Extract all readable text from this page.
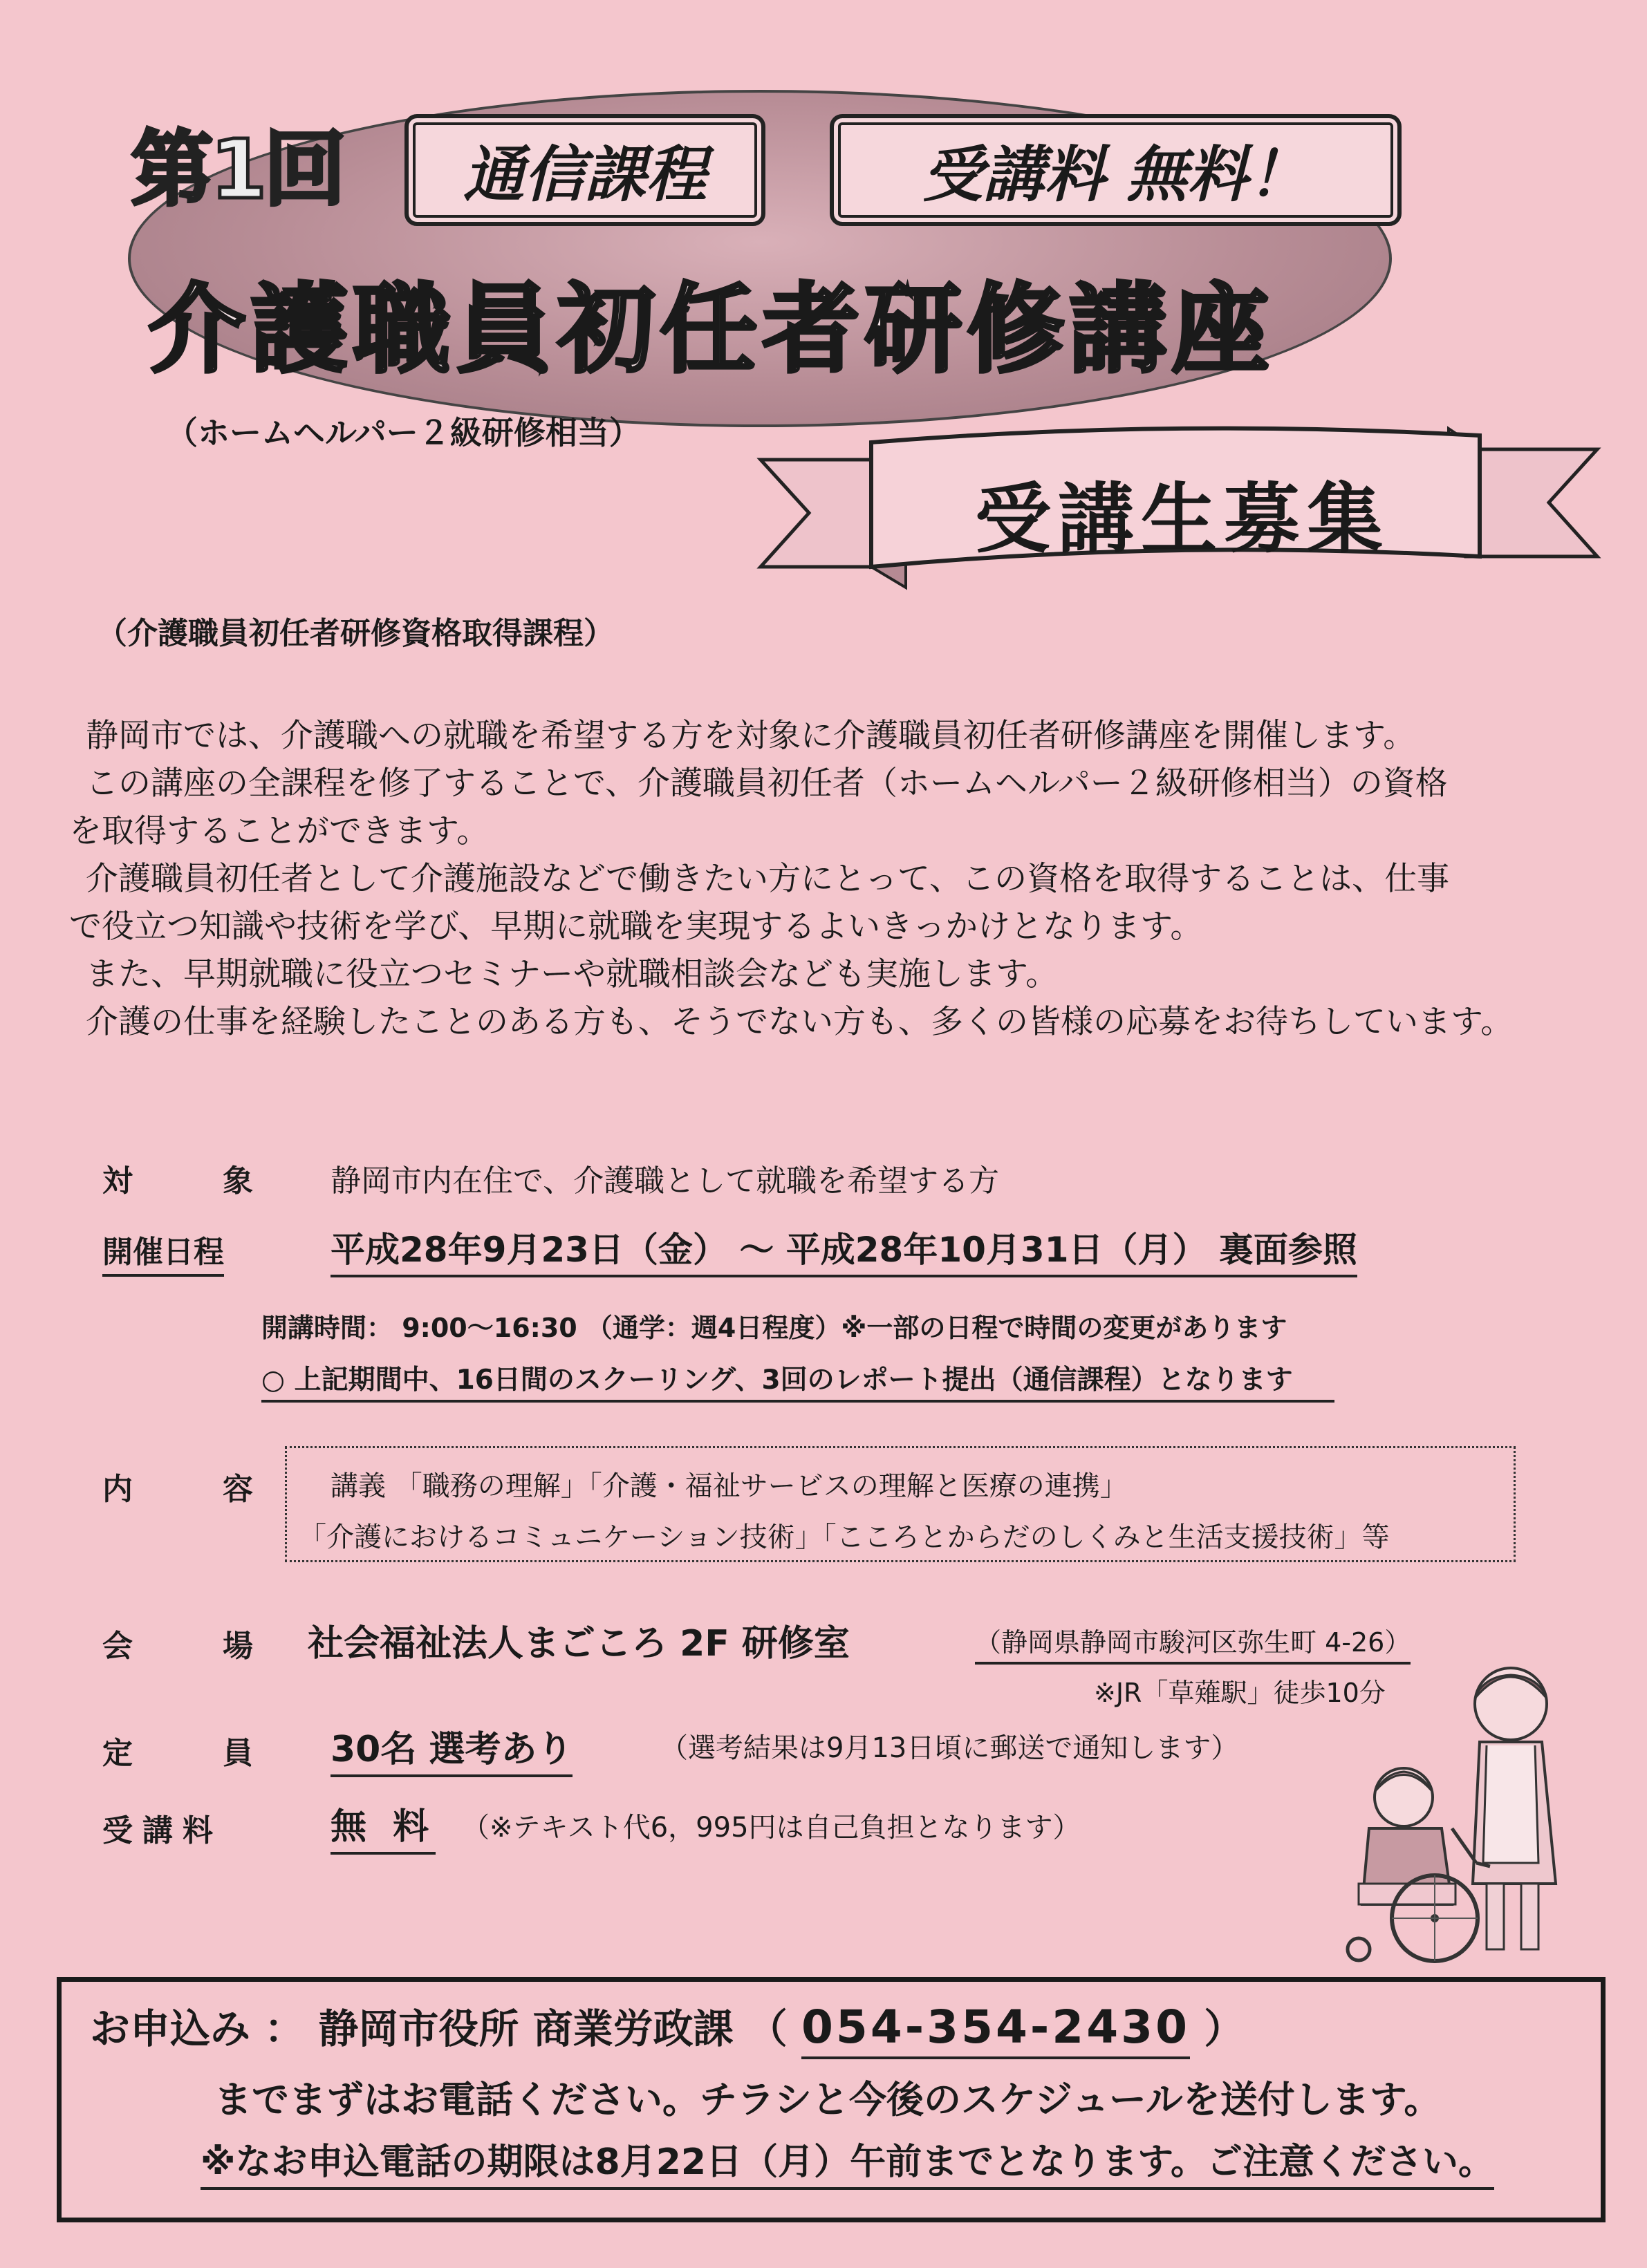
第1回	通信課程	受講料 無料！
介護職員初任者研修講座
（ホームヘルパー２級研修相当）
受講生募集
（介護職員初任者研修資格取得課程）

静岡市では、介護職への就職を希望する方を対象に介護職員初任者研修講座を開催します。

この講座の全課程を修了することで、介護職員初任者（ホームヘルパー２級研修相当）の資格

を取得することができます。

介護職員初任者として介護施設などで働きたい方にとって、この資格を取得することは、仕事

で役立つ知識や技術を学び、早期に就職を実現するよいきっかけとなります。

また、早期就職に役立つセミナーや就職相談会なども実施します。

介護の仕事を経験したことのある方も、そうでない方も、多くの皆様の応募をお待ちしています。

対	象	静岡市内在住で、介護職として就職を希望する方
開催日程	平成28年9月23日（金） ～ 平成28年10月31日（月） 裏面参照
開講時間： 9:00～16:30 （通学：週4日程度）※一部の日程で時間の変更があります
○ 上記期間中、16日間のスクーリング、3回のレポート提出（通信課程）となります
内	容	講義 「職務の理解」「介護・福祉サービスの理解と医療の連携」
「介護におけるコミュニケーション技術」「こころとからだのしくみと生活支援技術」等
会	場 社会福祉法人まごころ 2F 研修室	（静岡県静岡市駿河区弥生町 4-26）
※JR「草薙駅」徒歩10分
定	員 30名 選考あり	（選考結果は9月13日頃に郵送で通知します）
受講料	無 料 （※テキスト代6，995円は自己負担となります）
お申込み ： 静岡市役所 商業労政課 （ 054-354-2430 ）
までまずはお電話ください。チラシと今後のスケジュールを送付します。
※なお申込電話の期限は8月22日（月）午前までとなります。ご注意ください。
